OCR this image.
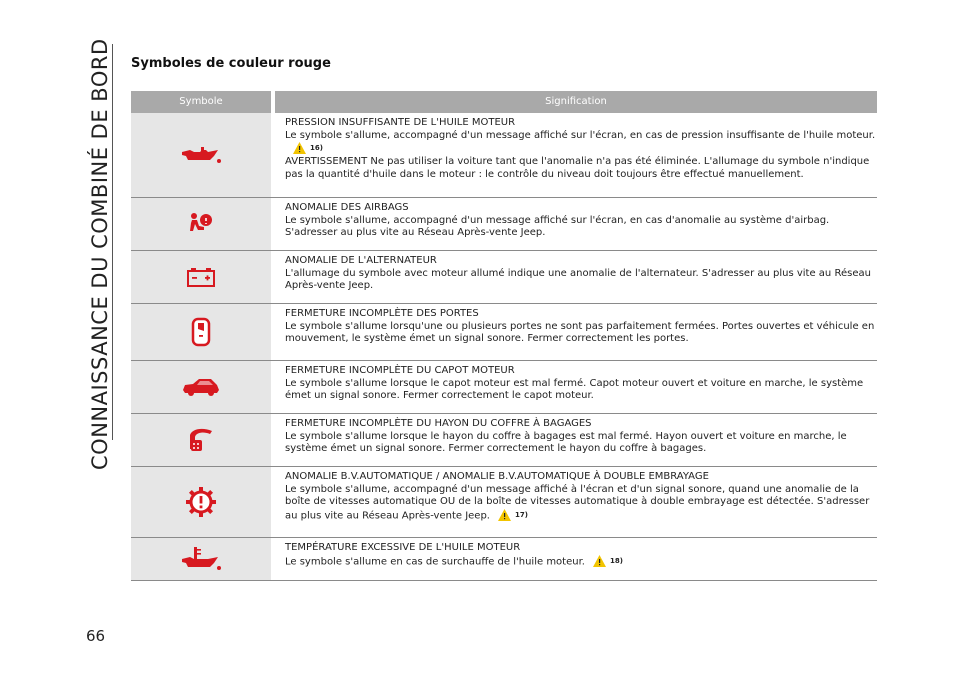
CONNAISSANCE DU COMBINÉ DE BORD
66
Symboles de couleur rouge
Symbole	Signification
PRESSION INSUFFISANTE DE L'HUILE MOTEUR
Le symbole s'allume, accompagné d'un message affiché sur l'écran, en cas de pression insuffisante de l'huile moteur.
16)
AVERTISSEMENT Ne pas utiliser la voiture tant que l'anomalie n'a pas été éliminée. L'allumage du symbole n'indique pas la quantité d'huile dans le moteur : le contrôle du niveau doit toujours être effectué manuellement.
ANOMALIE DES AIRBAGS
Le symbole s'allume, accompagné d'un message affiché sur l'écran, en cas d'anomalie au système d'airbag. S'adresser au plus vite au Réseau Après-vente Jeep.
ANOMALIE DE L'ALTERNATEUR
L'allumage du symbole avec moteur allumé indique une anomalie de l'alternateur. S'adresser au plus vite au Réseau Après-vente Jeep.
FERMETURE INCOMPLÈTE DES PORTES
Le symbole s'allume lorsqu'une ou plusieurs portes ne sont pas parfaitement fermées. Portes ouvertes et véhicule en mouvement, le système émet un signal sonore. Fermer correctement les portes.
FERMETURE INCOMPLÈTE DU CAPOT MOTEUR
Le symbole s'allume lorsque le capot moteur est mal fermé. Capot moteur ouvert et voiture en marche, le système émet un signal sonore. Fermer correctement le capot moteur.
FERMETURE INCOMPLÈTE DU HAYON DU COFFRE À BAGAGES
Le symbole s'allume lorsque le hayon du coffre à bagages est mal fermé. Hayon ouvert et voiture en marche, le système émet un signal sonore. Fermer correctement le hayon du coffre à bagages.
ANOMALIE B.V.AUTOMATIQUE / ANOMALIE B.V.AUTOMATIQUE À DOUBLE EMBRAYAGE
Le symbole s'allume, accompagné d'un message affiché à l'écran et d'un signal sonore, quand une anomalie de la boîte de vitesses automatique OU de la boîte de vitesses automatique à double embrayage est détectée. S'adresser au plus vite au Réseau Après-vente Jeep.	17)
TEMPÉRATURE EXCESSIVE DE L'HUILE MOTEUR
Le symbole s'allume en cas de surchauffe de l'huile moteur.	18)
